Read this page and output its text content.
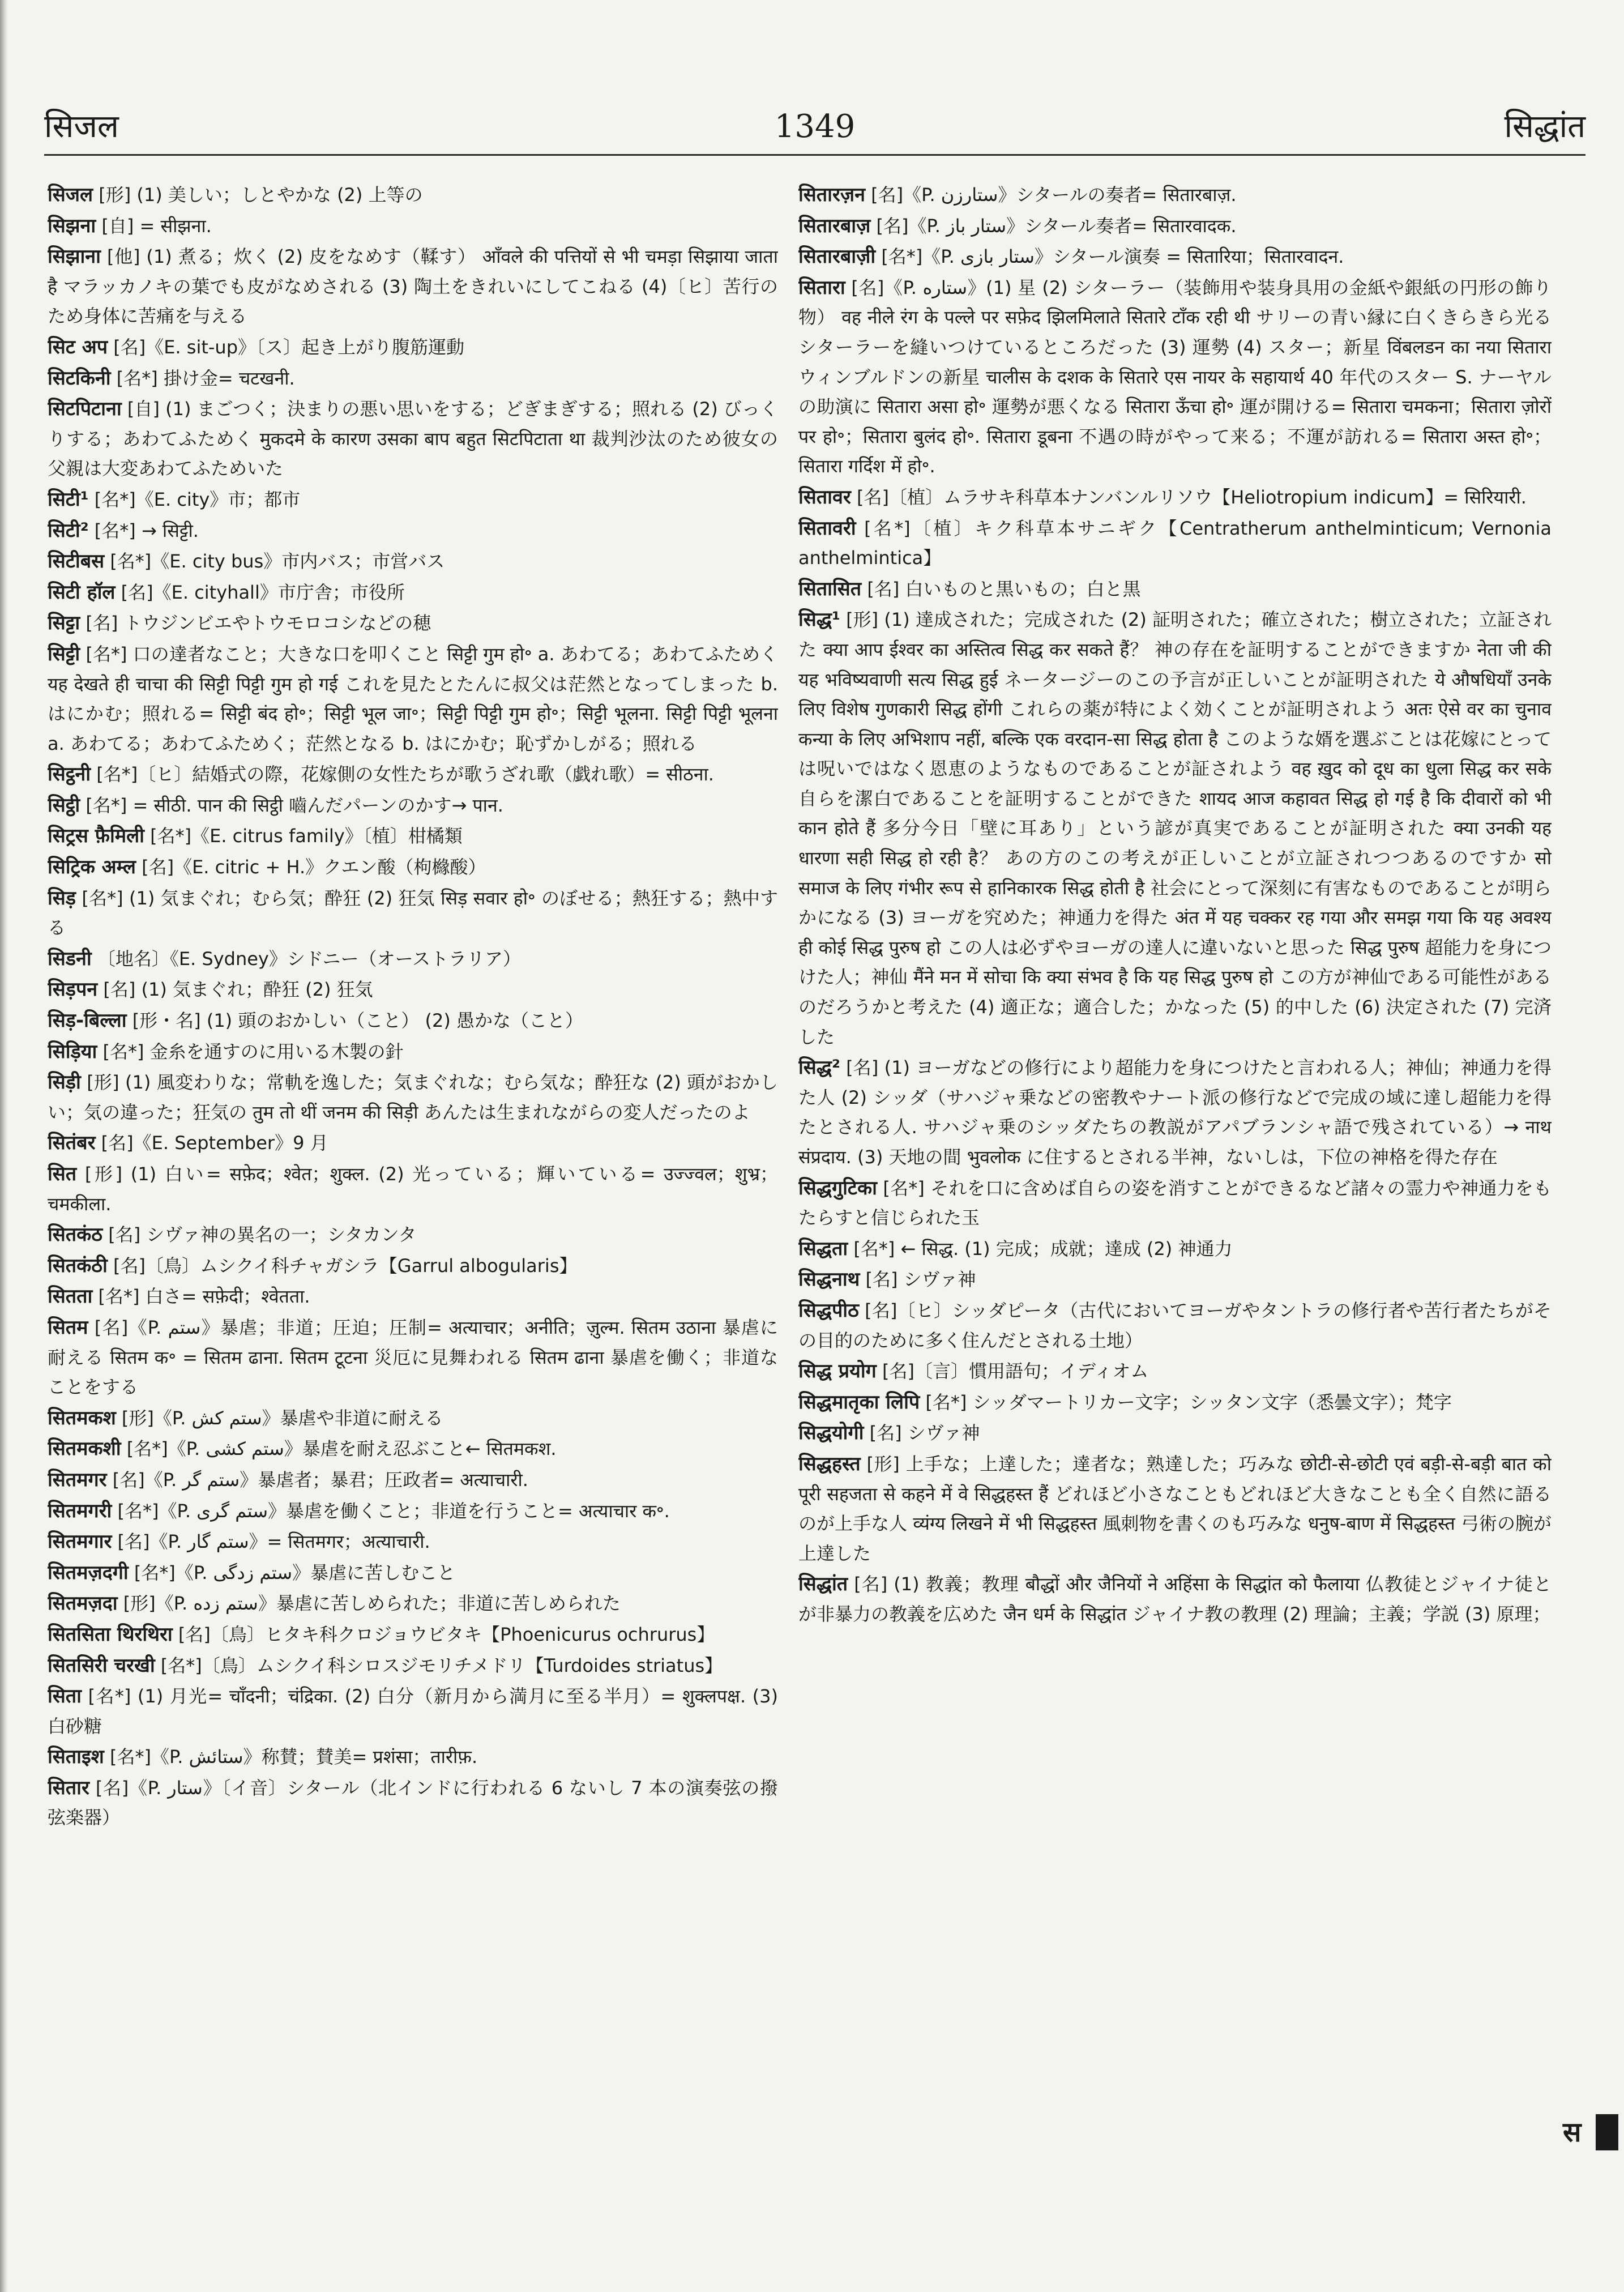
सिजल	1349	सिद्धांत

सिजल [形] (1) 美しい；しとやかな (2) 上等の

सिझना [自] = सीझना.

सिझाना [他] (1) 煮る；炊く (2) 皮をなめす（鞣す） आँवले की पत्तियों से भी चमड़ा सिझाया जाता है マラッカノキの葉でも皮がなめされる (3) 陶土をきれいにしてこねる (4)〔ヒ〕苦行のため身体に苦痛を与える

सिट अप [名]《E. sit-up》〔ス〕起き上がり腹筋運動

सिटकिनी [名*] 掛け金= चटखनी.

सिटपिटाना [自] (1) まごつく；決まりの悪い思いをする；どぎまぎする；照れる (2) びっくりする；あわてふためく मुकदमे के कारण उसका बाप बहुत सिटपिटाता था 裁判沙汰のため彼女の父親は大変あわてふためいた

सिटी¹ [名*]《E. city》市；都市

सिटी² [名*] → सिट्टी.

सिटीबस [名*]《E. city bus》市内バス；市営バス

सिटी हॉल [名]《E. cityhall》市庁舎；市役所

सिट्टा [名] トウジンビエやトウモロコシなどの穂

सिट्टी [名*] 口の達者なこと；大きな口を叩くこと सिट्टी गुम हो॰ a. あわてる；あわてふためく यह देखते ही चाचा की सिट्टी पिट्टी गुम हो गई これを見たとたんに叔父は茫然となってしまった b. はにかむ；照れる= सिट्टी बंद हो॰；सिट्टी भूल जा॰；सिट्टी पिट्टी गुम हो॰；सिट्टी भूलना. सिट्टी पिट्टी भूलना a. あわてる；あわてふためく；茫然となる b. はにかむ；恥ずかしがる；照れる

सिट्ठनी [名*]〔ヒ〕結婚式の際，花嫁側の女性たちが歌うざれ歌（戯れ歌）= सीठना.

सिट्ठी [名*] = सीठी. पान की सिट्ठी 嚙んだパーンのかす→ पान.

सिट्रस फ़ैमिली [名*]《E. citrus family》〔植〕柑橘類

सिट्रिक अम्ल [名]《E. citric + H.》クエン酸（枸櫞酸）

सिड़ [名*] (1) 気まぐれ；むら気；酔狂 (2) 狂気 सिड़ सवार हो॰ のぼせる；熱狂する；熱中する

सिडनी 〔地名〕《E. Sydney》シドニー（オーストラリア）

सिड़पन [名] (1) 気まぐれ；酔狂 (2) 狂気

सिड़-बिल्ला [形・名] (1) 頭のおかしい（こと） (2) 愚かな（こと）

सिड़िया [名*] 金糸を通すのに用いる木製の針

सिड़ी [形] (1) 風変わりな；常軌を逸した；気まぐれな；むら気な；酔狂な (2) 頭がおかしい；気の違った；狂気の तुम तो थीं जनम की सिड़ी あんたは生まれながらの変人だったのよ

सितंबर [名]《E. September》9 月

सित [形] (1) 白い= सफ़ेद；श्वेत；शुक्ल. (2) 光っている；輝いている= उज्ज्वल；शुभ्र；चमकीला.

सितकंठ [名] シヴァ神の異名の一；シタカンタ

सितकंठी [名]〔鳥〕ムシクイ科チャガシラ【Garrul albogularis】

सितता [名*] 白さ= सफ़ेदी；श्वेतता.

सितम [名]《P. ستم》暴虐；非道；圧迫；圧制= अत्याचार；अनीति；ज़ुल्म. सितम उठाना 暴虐に耐える सितम क॰ = सितम ढाना. सितम टूटना 災厄に見舞われる सितम ढाना 暴虐を働く；非道なことをする

सितमकश [形]《P. ستم کش》暴虐や非道に耐える

सितमकशी [名*]《P. ستم کشی》暴虐を耐え忍ぶこと← सितमकश.

सितमगर [名]《P. ستم گر》暴虐者；暴君；圧政者= अत्याचारी.

सितमगरी [名*]《P. ستم گری》暴虐を働くこと；非道を行うこと= अत्याचार क॰.

सितमगार [名]《P. ستم گار》= सितमगर；अत्याचारी.

सितमज़दगी [名*]《P. ستم زدگی》暴虐に苦しむこと

सितमज़दा [形]《P. ستم زده》暴虐に苦しめられた；非道に苦しめられた

सितसिता थिरथिरा [名]〔鳥〕ヒタキ科クロジョウビタキ【Phoenicurus ochrurus】

सितसिरी चरखी [名*]〔鳥〕ムシクイ科シロスジモリチメドリ【Turdoides striatus】

सिता [名*] (1) 月光= चाँदनी；चंद्रिका. (2) 白分（新月から満月に至る半月）= शुक्लपक्ष. (3) 白砂糖

सिताइश [名*]《P. ستائش》称賛；賛美= प्रशंसा；तारीफ़.

सितार [名]《P. ستار》〔イ音〕シタール（北インドに行われる 6 ないし 7 本の演奏弦の撥弦楽器）

सितारज़न [名]《P. ستارزن》シタールの奏者= सितारबाज़.

सितारबाज़ [名]《P. ستار باز》シタール奏者= सितारवादक.

सितारबाज़ी [名*]《P. ستار بازی》シタール演奏 = सितारिया；सितारवादन.

सितारा [名]《P. ستاره》(1) 星 (2) シターラー（装飾用や装身具用の金紙や銀紙の円形の飾り物） वह नीले रंग के पल्ले पर सफ़ेद झिलमिलाते सितारे टाँक रही थी サリーの青い縁に白くきらきら光るシターラーを縫いつけているところだった (3) 運勢 (4) スター；新星 विंबलडन का नया सितारा ウィンブルドンの新星 चालीस के दशक के सितारे एस नायर के सहायार्थ 40 年代のスター S. ナーヤルの助演に सितारा असा हो॰ 運勢が悪くなる सितारा ऊँचा हो॰ 運が開ける= सितारा चमकना；सितारा ज़ोरों पर हो॰；सितारा बुलंद हो॰. सितारा डूबना 不遇の時がやって来る；不運が訪れる= सितारा अस्त हो॰；सितारा गर्दिश में हो॰.

सितावर [名]〔植〕ムラサキ科草本ナンバンルリソウ【Heliotropium indicum】= सिरियारी.

सितावरी [名*]〔植〕キク科草本サニギク【Centratherum anthelminticum; Vernonia anthelmintica】

सितासित [名] 白いものと黒いもの；白と黒

सिद्ध¹ [形] (1) 達成された；完成された (2) 証明された；確立された；樹立された；立証された क्या आप ईश्वर का अस्तित्व सिद्ध कर सकते हैं？ 神の存在を証明することができますか नेता जी की यह भविष्यवाणी सत्य सिद्ध हुई ネータージーのこの予言が正しいことが証明された ये औषधियाँ उनके लिए विशेष गुणकारी सिद्ध होंगी これらの薬が特によく効くことが証明されよう अतः ऐसे वर का चुनाव कन्या के लिए अभिशाप नहीं, बल्कि एक वरदान-सा सिद्ध होता है このような婿を選ぶことは花嫁にとっては呪いではなく恩恵のようなものであることが証されよう वह ख़ुद को दूध का धुला सिद्ध कर सके 自らを潔白であることを証明することができた शायद आज कहावत सिद्ध हो गई है कि दीवारों को भी कान होते हैं 多分今日「壁に耳あり」という諺が真実であることが証明された क्या उनकी यह धारणा सही सिद्ध हो रही है？ あの方のこの考えが正しいことが立証されつつあるのですか सो समाज के लिए गंभीर रूप से हानिकारक सिद्ध होती है 社会にとって深刻に有害なものであることが明らかになる (3) ヨーガを究めた；神通力を得た अंत में यह चक्कर रह गया और समझ गया कि यह अवश्य ही कोई सिद्ध पुरुष हो この人は必ずやヨーガの達人に違いないと思った सिद्ध पुरुष 超能力を身につけた人；神仙 मैंने मन में सोचा कि क्या संभव है कि यह सिद्ध पुरुष हो この方が神仙である可能性があるのだろうかと考えた (4) 適正な；適合した；かなった (5) 的中した (6) 決定された (7) 完済した

सिद्ध² [名] (1) ヨーガなどの修行により超能力を身につけたと言われる人；神仙；神通力を得た人 (2) シッダ（サハジャ乗などの密教やナート派の修行などで完成の域に達し超能力を得たとされる人. サハジャ乗のシッダたちの教説がアパブランシャ語で残されている）→ नाथ संप्रदाय. (3) 天地の間 भुवलोक に住するとされる半神，ないしは，下位の神格を得た存在

सिद्धगुटिका [名*] それを口に含めば自らの姿を消すことができるなど諸々の霊力や神通力をもたらすと信じられた玉

सिद्धता [名*] ← सिद्ध. (1) 完成；成就；達成 (2) 神通力

सिद्धनाथ [名] シヴァ神

सिद्धपीठ [名]〔ヒ〕シッダピータ（古代においてヨーガやタントラの修行者や苦行者たちがその目的のために多く住んだとされる土地）

सिद्ध प्रयोग [名]〔言〕慣用語句；イディオム

सिद्धमातृका लिपि [名*] シッダマートリカー文字；シッタン文字（悉曇文字）；梵字

सिद्धयोगी [名] シヴァ神

सिद्धहस्त [形] 上手な；上達した；達者な；熟達した；巧みな छोटी-से-छोटी एवं बड़ी-से-बड़ी बात को पूरी सहजता से कहने में वे सिद्धहस्त हैं どれほど小さなこともどれほど大きなことも全く自然に語るのが上手な人 व्यंग्य लिखने में भी सिद्धहस्त 風刺物を書くのも巧みな धनुष-बाण में सिद्धहस्त 弓術の腕が上達した

सिद्धांत [名] (1) 教義；教理 बौद्धों और जैनियों ने अहिंसा के सिद्धांत को फैलाया 仏教徒とジャイナ徒とが非暴力の教義を広めた जैन धर्म के सिद्धांत ジャイナ教の教理 (2) 理論；主義；学説 (3) 原理；

स
